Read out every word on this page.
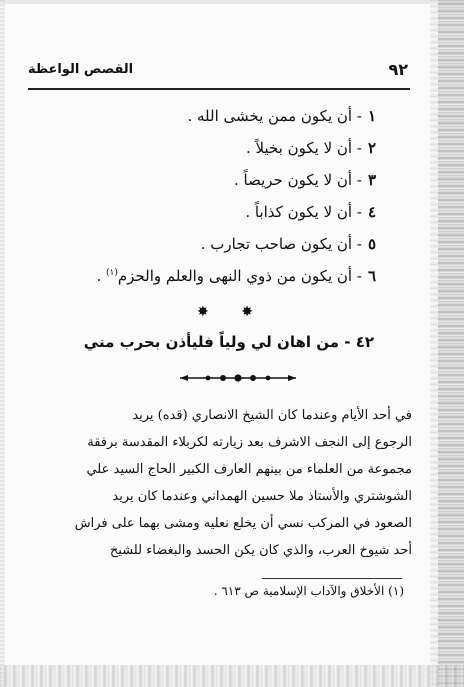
٩٢
القصص الواعظة
١- أن يكون ممن يخشى الله .
٢- أن لا يكون بخيلاً .
٣- أن لا يكون حريصاً .
٤- أن لا يكون كذاباً .
٥- أن يكون صاحب تجارب .
٦- أن يكون من ذوي النهى والعلم والحزم$^{(١)}$ .
✸ ✸
٤٢ - من اهان لي ولياً فليأذن بحرب مني
في أحد الأيام وعندما كان الشيخ الانصاري (قده) يريد
الرجوع إلى النجف الاشرف بعد زيارته لكربلاء المقدسة برفقة
مجموعة من العلماء من بينهم العارف الكبير الحاج السيد علي
الشوشتري والأستاذ ملا حسين الهمداني وعندما كان يريد
الصعود في المركب نسي أن يخلع نعليه ومشى بهما على فراش
أحد شيوخ العرب، والذي كان يكن الحسد والبغضاء للشيخ
(١) الأخلاق والآداب الإسلامية ص ٦١٣ .
